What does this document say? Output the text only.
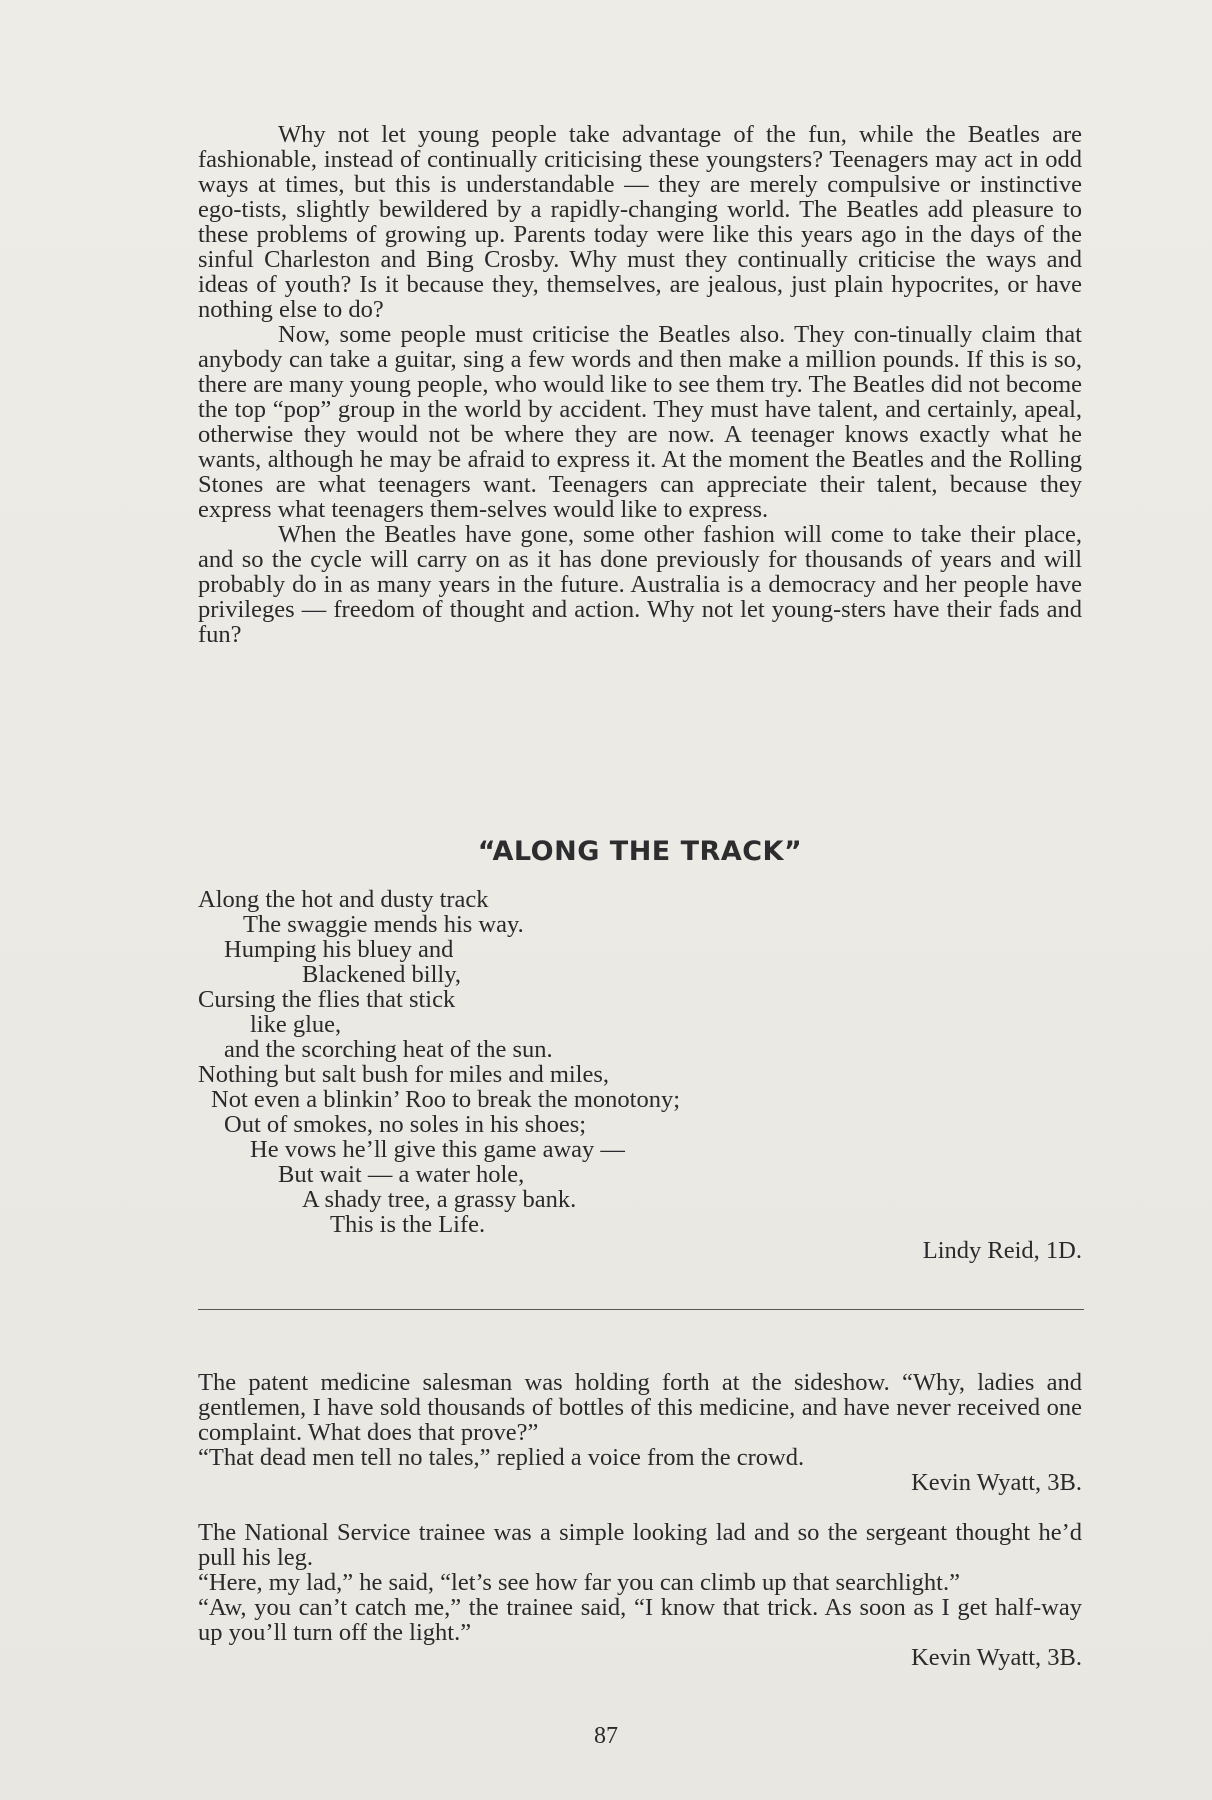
Why not let young people take advantage of the fun, while the Beatles are fashionable, instead of continually criticising these youngsters? Teenagers may act in odd ways at times, but this is understandable — they are merely compulsive or instinctive ego-tists, slightly bewildered by a rapidly-changing world. The Beatles add pleasure to these problems of growing up. Parents today were like this years ago in the days of the sinful Charleston and Bing Crosby. Why must they continually criticise the ways and ideas of youth? Is it because they, themselves, are jealous, just plain hypocrites, or have nothing else to do?

Now, some people must criticise the Beatles also. They con-tinually claim that anybody can take a guitar, sing a few words and then make a million pounds. If this is so, there are many young people, who would like to see them try. The Beatles did not become the top “pop” group in the world by accident. They must have talent, and certainly, apeal, otherwise they would not be where they are now. A teenager knows exactly what he wants, although he may be afraid to express it. At the moment the Beatles and the Rolling Stones are what teenagers want. Teenagers can appreciate their talent, because they express what teenagers them-selves would like to express.

When the Beatles have gone, some other fashion will come to take their place, and so the cycle will carry on as it has done previously for thousands of years and will probably do in as many years in the future. Australia is a democracy and her people have privileges — freedom of thought and action. Why not let young-sters have their fads and fun?

“ALONG THE TRACK”
Along the hot and dusty track
The swaggie mends his way.
Humping his bluey and
Blackened billy,
Cursing the flies that stick
like glue,
and the scorching heat of the sun.
Nothing but salt bush for miles and miles,
Not even a blinkin’ Roo to break the monotony;
Out of smokes, no soles in his shoes;
He vows he’ll give this game away —
But wait — a water hole,
A shady tree, a grassy bank.
This is the Life.
Lindy Reid, 1D.

The patent medicine salesman was holding forth at the sideshow. “Why, ladies and gentlemen, I have sold thousands of bottles of this medicine, and have never received one complaint. What does that prove?”

“That dead men tell no tales,” replied a voice from the crowd.

Kevin Wyatt, 3B.

The National Service trainee was a simple looking lad and so the sergeant thought he’d pull his leg.

“Here, my lad,” he said, “let’s see how far you can climb up that searchlight.”

“Aw, you can’t catch me,” the trainee said, “I know that trick. As soon as I get half-way up you’ll turn off the light.”

Kevin Wyatt, 3B.

87
